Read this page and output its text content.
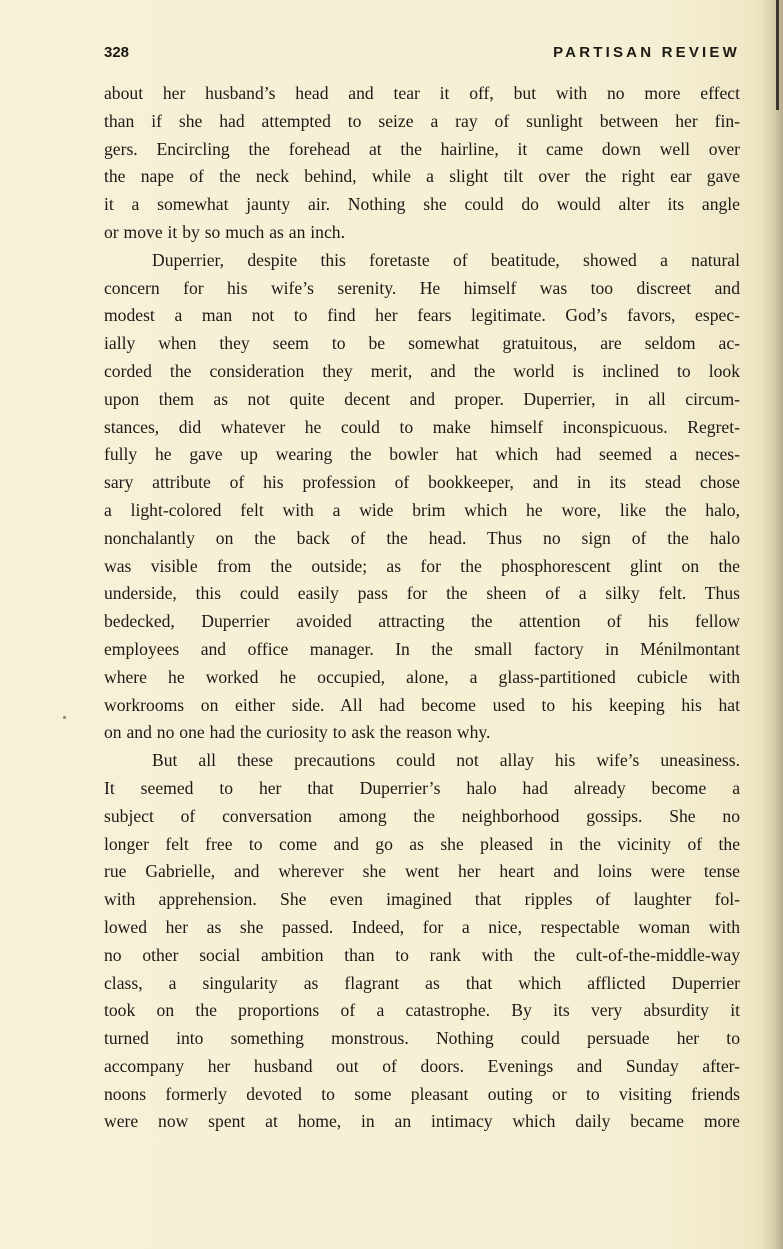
328	PARTISAN REVIEW
about her husband’s head and tear it off, but with no more effect
than if she had attempted to seize a ray of sunlight between her fin-
gers. Encircling the forehead at the hairline, it came down well over
the nape of the neck behind, while a slight tilt over the right ear gave
it a somewhat jaunty air. Nothing she could do would alter its angle
or move it by so much as an inch.
Duperrier, despite this foretaste of beatitude, showed a natural
concern for his wife’s serenity. He himself was too discreet and
modest a man not to find her fears legitimate. God’s favors, espec-
ially when they seem to be somewhat gratuitous, are seldom ac-
corded the consideration they merit, and the world is inclined to look
upon them as not quite decent and proper. Duperrier, in all circum-
stances, did whatever he could to make himself inconspicuous. Regret-
fully he gave up wearing the bowler hat which had seemed a neces-
sary attribute of his profession of bookkeeper, and in its stead chose
a light-colored felt with a wide brim which he wore, like the halo,
nonchalantly on the back of the head. Thus no sign of the halo
was visible from the outside; as for the phosphorescent glint on the
underside, this could easily pass for the sheen of a silky felt. Thus
bedecked, Duperrier avoided attracting the attention of his fellow
employees and office manager. In the small factory in Ménilmontant
where he worked he occupied, alone, a glass-partitioned cubicle with
workrooms on either side. All had become used to his keeping his hat
on and no one had the curiosity to ask the reason why.
But all these precautions could not allay his wife’s uneasiness.
It seemed to her that Duperrier’s halo had already become a
subject of conversation among the neighborhood gossips. She no
longer felt free to come and go as she pleased in the vicinity of the
rue Gabrielle, and wherever she went her heart and loins were tense
with apprehension. She even imagined that ripples of laughter fol-
lowed her as she passed. Indeed, for a nice, respectable woman with
no other social ambition than to rank with the cult-of-the-middle-way
class, a singularity as flagrant as that which afflicted Duperrier
took on the proportions of a catastrophe. By its very absurdity it
turned into something monstrous. Nothing could persuade her to
accompany her husband out of doors. Evenings and Sunday after-
noons formerly devoted to some pleasant outing or to visiting friends
were now spent at home, in an intimacy which daily became more
